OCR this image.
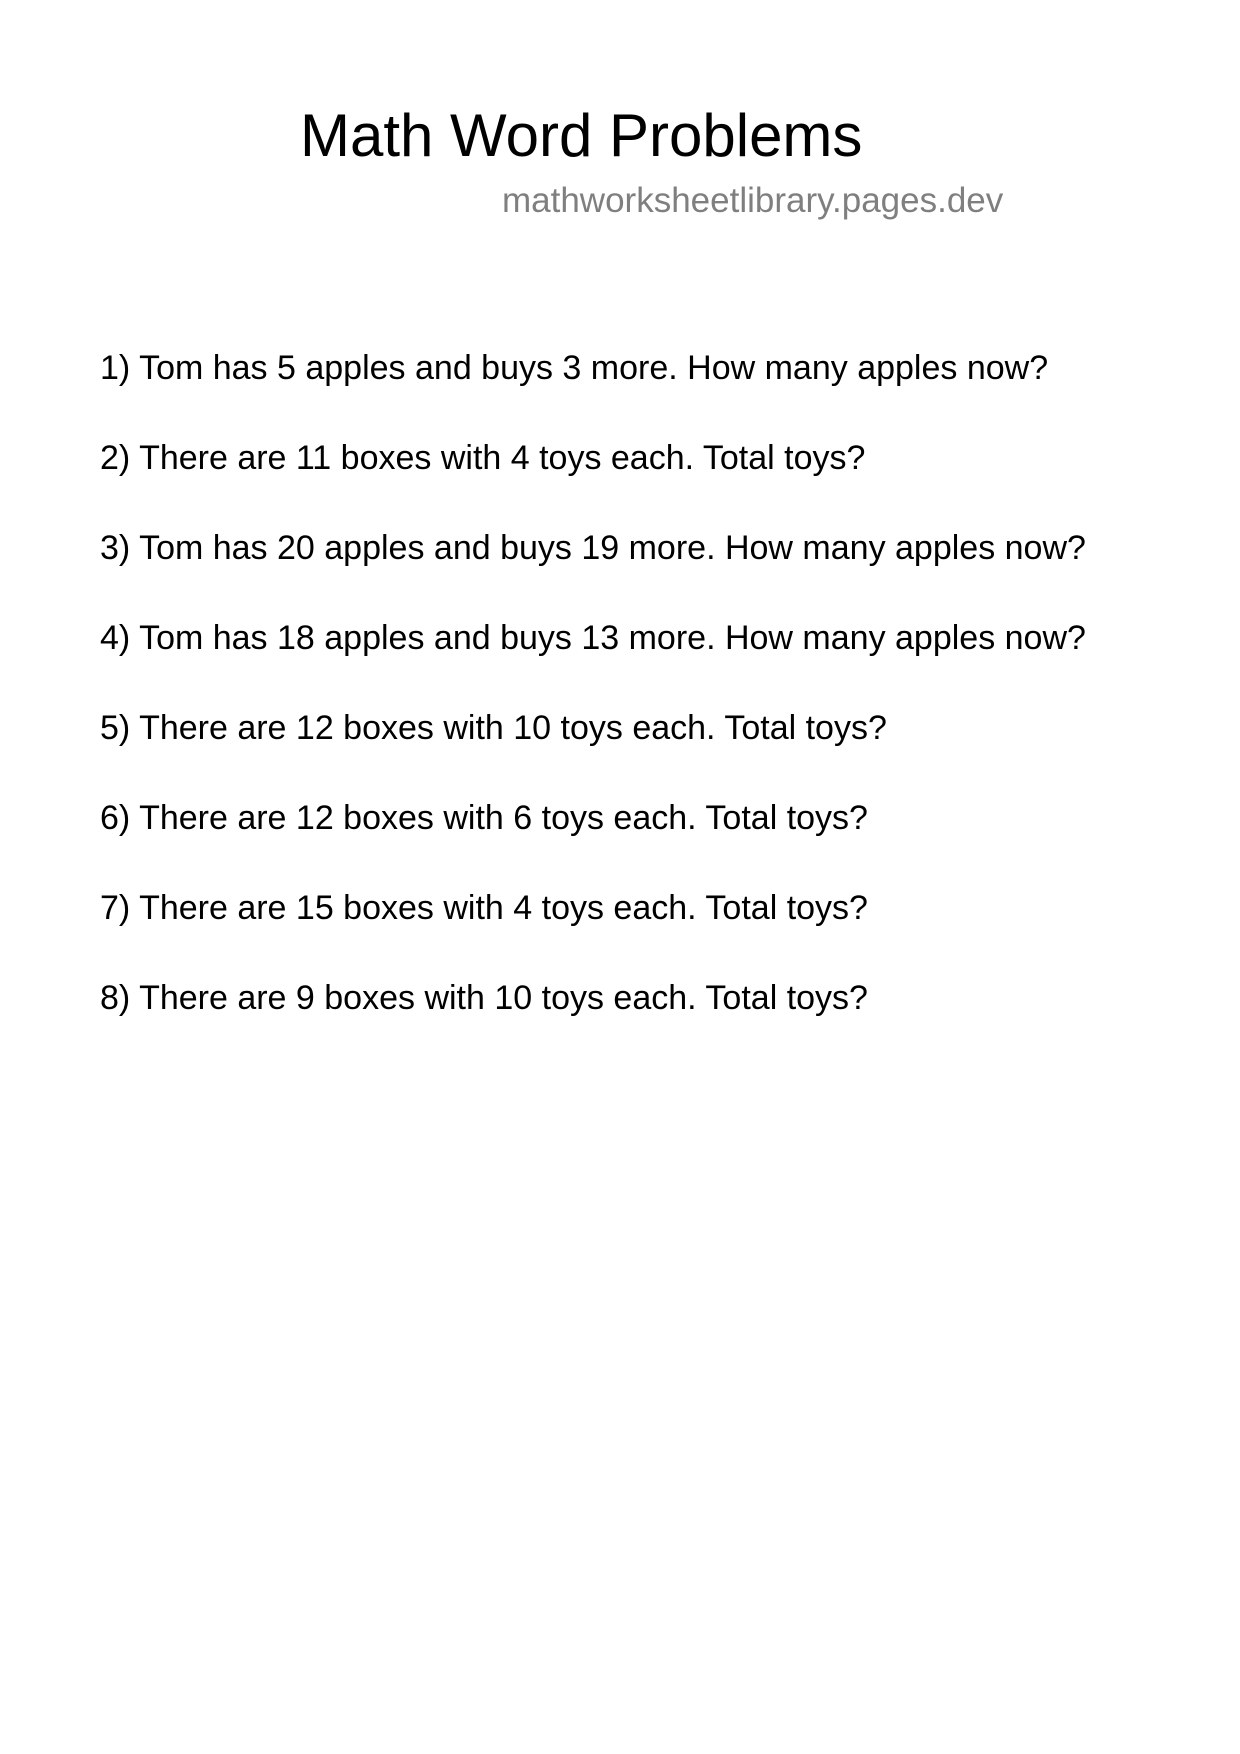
Math Word Problems
mathworksheetlibrary.pages.dev
1) Tom has 5 apples and buys 3 more. How many apples now?
2) There are 11 boxes with 4 toys each. Total toys?
3) Tom has 20 apples and buys 19 more. How many apples now?
4) Tom has 18 apples and buys 13 more. How many apples now?
5) There are 12 boxes with 10 toys each. Total toys?
6) There are 12 boxes with 6 toys each. Total toys?
7) There are 15 boxes with 4 toys each. Total toys?
8) There are 9 boxes with 10 toys each. Total toys?
